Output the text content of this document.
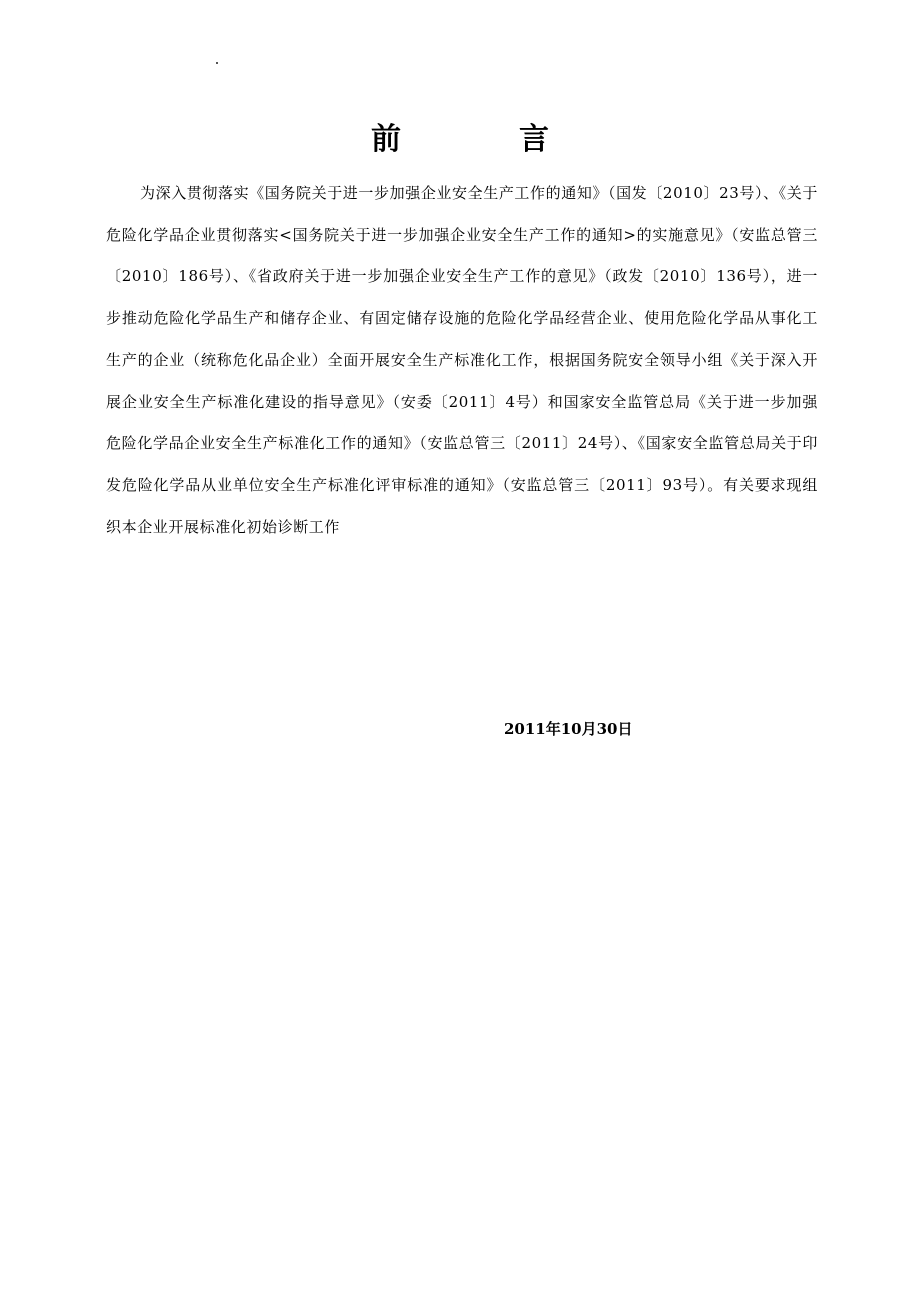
前　言

为深入贯彻落实《国务院关于进一步加强企业安全生产工作的通知》（国发〔2010〕23号）、《关于危险化学品企业贯彻落实<国务院关于进一步加强企业安全生产工作的通知>的实施意见》（安监总管三〔2010〕186号）、《省政府关于进一步加强企业安全生产工作的意见》（政发〔2010〕136号），进一步推动危险化学品生产和储存企业、有固定储存设施的危险化学品经营企业、使用危险化学品从事化工生产的企业（统称危化品企业）全面开展安全生产标准化工作，根据国务院安全领导小组《关于深入开展企业安全生产标准化建设的指导意见》（安委〔2011〕4号）和国家安全监管总局《关于进一步加强危险化学品企业安全生产标准化工作的通知》（安监总管三〔2011〕24号）、《国家安全监管总局关于印发危险化学品从业单位安全生产标准化评审标准的通知》（安监总管三〔2011〕93号）。有关要求现组织本企业开展标准化初始诊断工作

2011年10月30日
